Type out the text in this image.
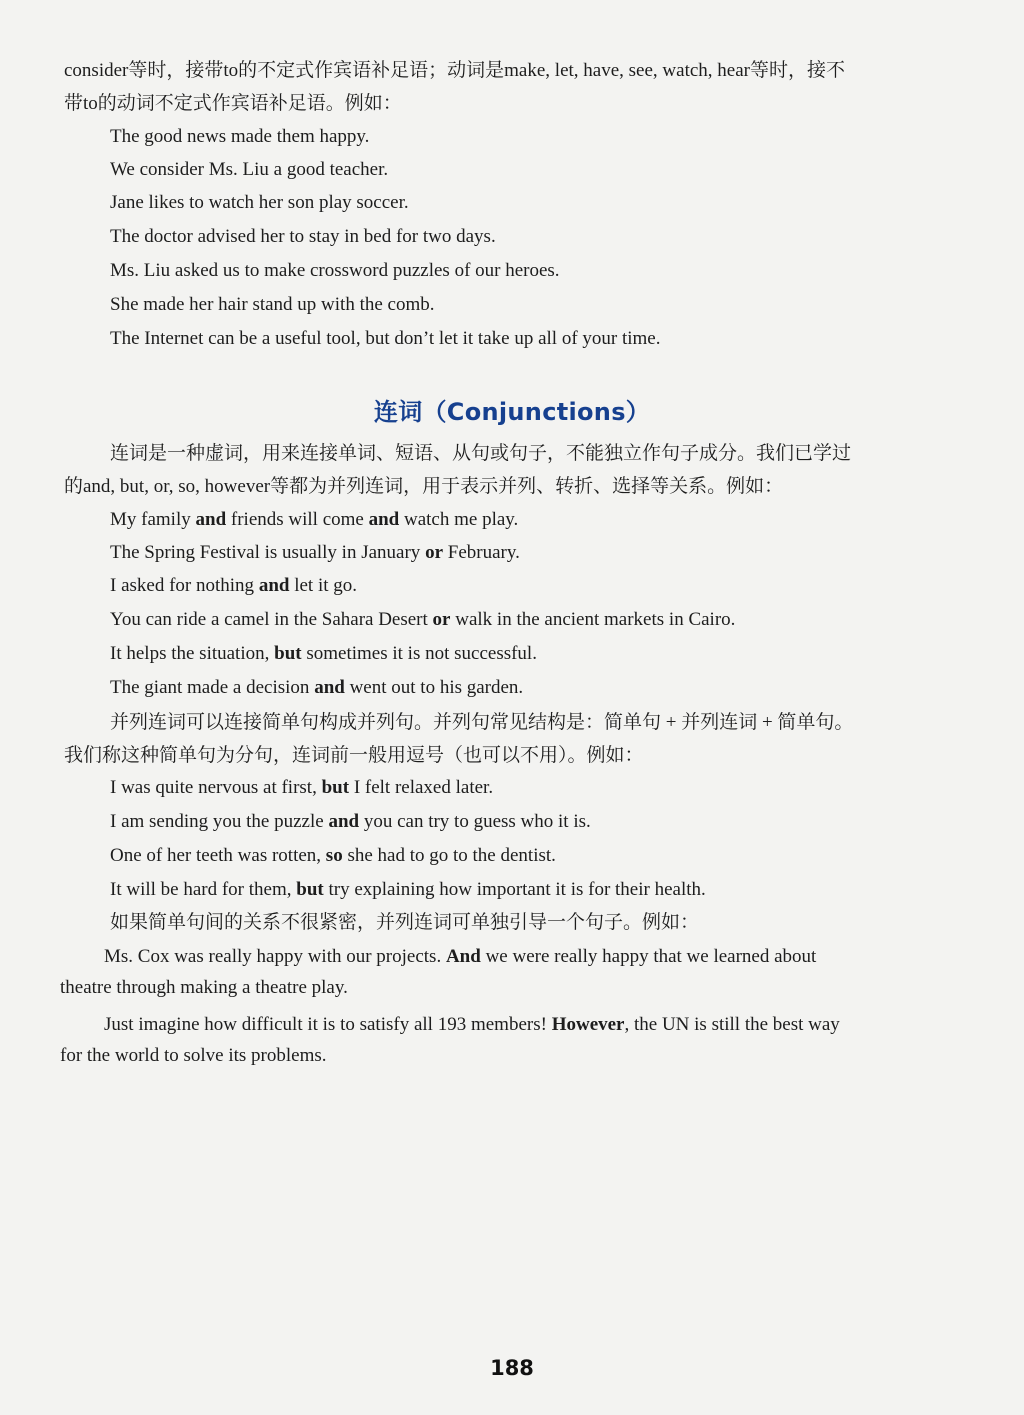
consider等时，接带to的不定式作宾语补足语；动词是make, let, have, see, watch, hear等时，接不

带to的动词不定式作宾语补足语。例如：

The good news made them happy.

We consider Ms. Liu a good teacher.

Jane likes to watch her son play soccer.

The doctor advised her to stay in bed for two days.

Ms. Liu asked us to make crossword puzzles of our heroes.

She made her hair stand up with the comb.

The Internet can be a useful tool, but don’t let it take up all of your time.

连词（Conjunctions）

连词是一种虚词，用来连接单词、短语、从句或句子，不能独立作句子成分。我们已学过

的and, but, or, so, however等都为并列连词，用于表示并列、转折、选择等关系。例如：

My family and friends will come and watch me play.

The Spring Festival is usually in January or February.

I asked for nothing and let it go.

You can ride a camel in the Sahara Desert or walk in the ancient markets in Cairo.

It helps the situation, but sometimes it is not successful.

The giant made a decision and went out to his garden.

并列连词可以连接简单句构成并列句。并列句常见结构是：简单句 + 并列连词 + 简单句。

我们称这种简单句为分句，连词前一般用逗号（也可以不用）。例如：

I was quite nervous at first, but I felt relaxed later.

I am sending you the puzzle and you can try to guess who it is.

One of her teeth was rotten, so she had to go to the dentist.

It will be hard for them, but try explaining how important it is for their health.

如果简单句间的关系不很紧密，并列连词可单独引导一个句子。例如：

Ms. Cox was really happy with our projects. And we were really happy that we learned about

theatre through making a theatre play.

Just imagine how difficult it is to satisfy all 193 members! However, the UN is still the best way

for the world to solve its problems.

188
